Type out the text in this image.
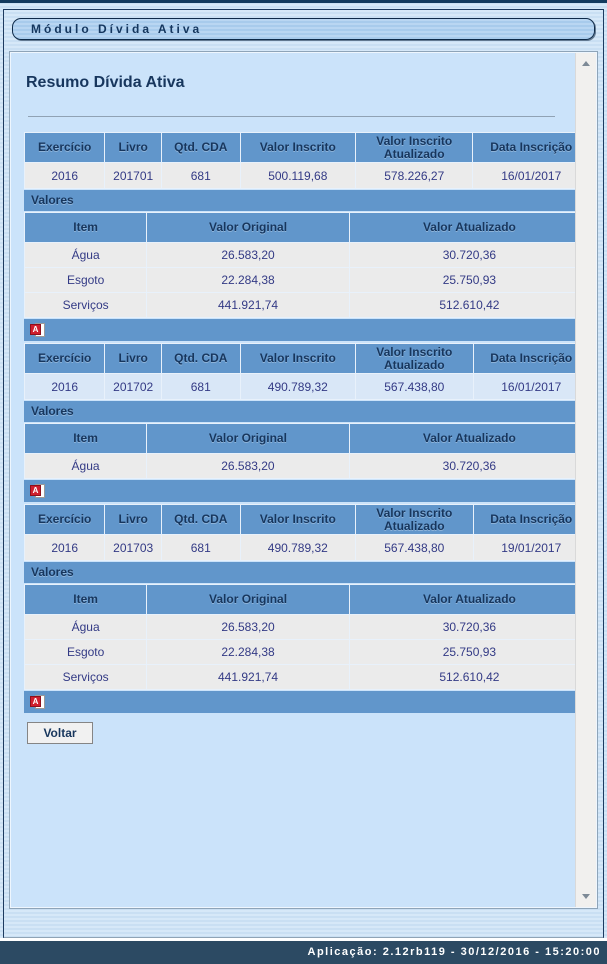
Módulo Dívida Ativa
Resumo Dívida Ativa
Exercício	Livro	Qtd. CDA	Valor Inscrito	Valor Inscrito Atualizado	Data Inscrição
2016	201701	681	500.119,68	578.226,27	16/01/2017
Valores
Item	Valor Original	Valor Atualizado
Água	26.583,20	30.720,36
Esgoto	22.284,38	25.750,93
Serviços	441.921,74	512.610,42
A
Exercício	Livro	Qtd. CDA	Valor Inscrito	Valor Inscrito Atualizado	Data Inscrição
2016	201702	681	490.789,32	567.438,80	16/01/2017
Valores
Item	Valor Original	Valor Atualizado
Água	26.583,20	30.720,36
A
Exercício	Livro	Qtd. CDA	Valor Inscrito	Valor Inscrito Atualizado	Data Inscrição
2016	201703	681	490.789,32	567.438,80	19/01/2017
Valores
Item	Valor Original	Valor Atualizado
Água	26.583,20	30.720,36
Esgoto	22.284,38	25.750,93
Serviços	441.921,74	512.610,42
A
Voltar
Aplicação: 2.12rb119 - 30/12/2016 - 15:20:00
